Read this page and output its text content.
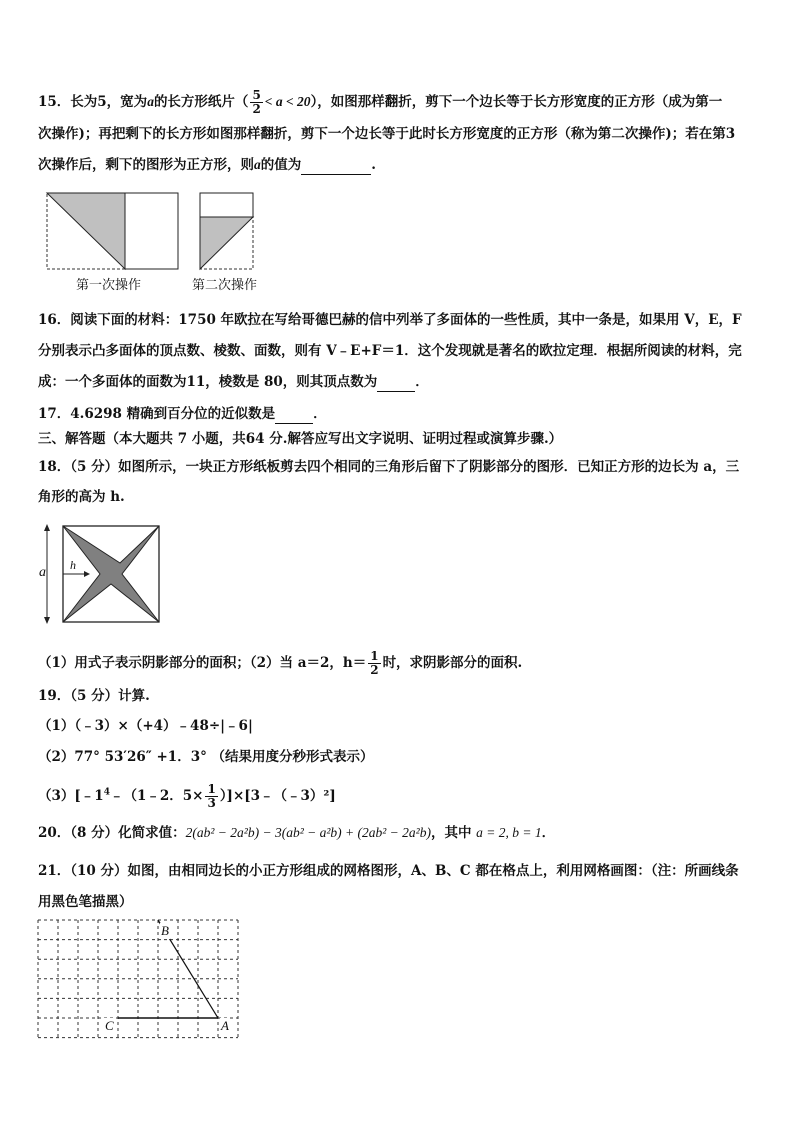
15．长为5，宽为a的长方形纸片（ $\frac{5}{2} < a < 20$），如图那样翻折，剪下一个边长等于长方形宽度的正方形（成为第一
次操作)；再把剩下的长方形如图那样翻折，剪下一个边长等于此时长方形宽度的正方形（称为第二次操作)；若在第3
次操作后，剩下的图形为正方形，则a的值为	.
第一次操作	第二次操作
16．阅读下面的材料：1750 年欧拉在写给哥德巴赫的信中列举了多面体的一些性质，其中一条是，如果用 V，E，F
分别表示凸多面体的顶点数、棱数、面数，则有 V﹣E+F＝1．这个发现就是著名的欧拉定理．根据所阅读的材料，完
成：一个多面体的面数为11，棱数是 80，则其顶点数为	．
17．4.6298 精确到百分位的近似数是	．
三、解答题（本大题共 7 小题，共64 分.解答应写出文字说明、证明过程或演算步骤.）
18．（5 分）如图所示，一块正方形纸板剪去四个相同的三角形后留下了阴影部分的图形．已知正方形的边长为 a，三
角形的高为 h.
a h
（1）用式子表示阴影部分的面积；（2）当 a＝2，$h= \frac{1}{2}$ 时，求阴影部分的面积.
19．（5 分）计算.
（1）（﹣3）×（+4）﹣48÷|﹣6|
（2）77° 53′26″ +1．3° （结果用度分秒形式表示）
$(3)[﹣1^4﹣(1﹣2$．$5\times \frac{1}{3}$ ）]×[3﹣（﹣3）²]
20．（8 分）化简求值：2(ab² − 2a²b) − 3(ab² − a²b) + (2ab² − 2a²b)，其中 a = 2, b = 1．
21．（10 分）如图，由相同边长的小正方形组成的网格图形，A、B、C 都在格点上，利用网格画图：（注：所画线条
用黑色笔描黑）
B
C	A
